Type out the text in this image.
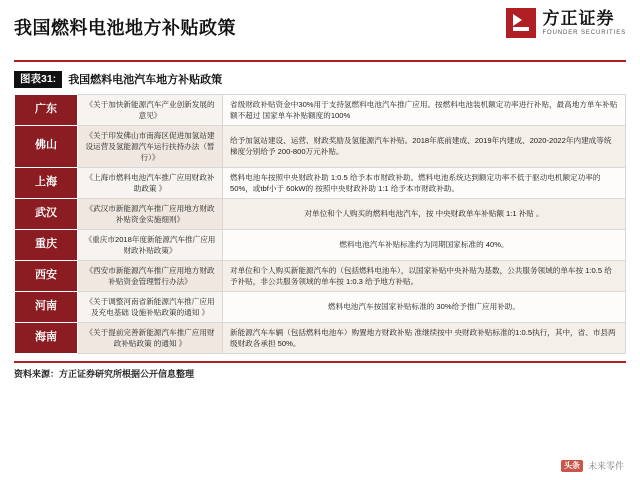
我国燃料电池地方补贴政策	方正证券
FOUNDER SECURITIES
图表31:	我国燃料电池汽车地方补贴政策
广东	《关于加快新能源汽车产业创新发展的意见》	省级财政补贴资金中30%用于支持氢燃料电池汽车推广应用。按燃料电池装机额定功率进行补贴，最高地方单车补贴额不超过 国家单车补贴额度的100%
佛山	《关于印发佛山市南海区促进加氢站建设运营及氢能源汽车运行扶持办法（暂行）》	给予加氢站建设、运营、财政奖励及氢能源汽车补贴。2018年底前建成、2019年内建成、2020-2022年内建成等统梯度分别给予 200-800万元补贴。
上海	《上海市燃料电池汽车推广应用财政补助政策 》	燃料电池车按照中央财政补助 1:0.5 给予本市财政补助。燃料电池系统达到额定功率不低于驱动电机额定功率的 50%，或tbf小于 60kW的 按照中央财政补助 1:1 给予本市财政补助。
武汉	《武汉市新能源汽车推广应用地方财政补贴资金实施细则》	对单位和个人购买的燃料电池汽车，按 中央财政单车补贴额 1:1 补贴 。
重庆	《重庆市2018年度新能源汽车推广应用财政补贴政策》	燃料电池汽车补贴标准约为同期国家标准的 40%。
西安	《西安市新能源汽车推广应用地方财政补贴资金管理暂行办法》	对单位和个人购买新能源汽车的（包括燃料电池车），以国家补贴中央补贴为基数，公共服务领域的单车按 1:0.5 给予补贴，非公共服务领域的单车按 1:0.3 给予地方补贴。
河南	《关于调整河南省新能源汽车推广应用及充电基础 设施补贴政策的通知 》	燃料电池汽车按国家补贴标准的 30%给予推广应用补助。
海南	《关于提前完善新能源汽车推广应用财政补贴政策 的通知 》	新能源汽车车辆（包括燃料电池车）购置地方财政补贴 准继续按中 央财政补贴标准的1:0.5执行，其中，省、市县两级财政各承担 50%。
资料来源：方正证券研究所根据公开信息整理
头条 未来零件
